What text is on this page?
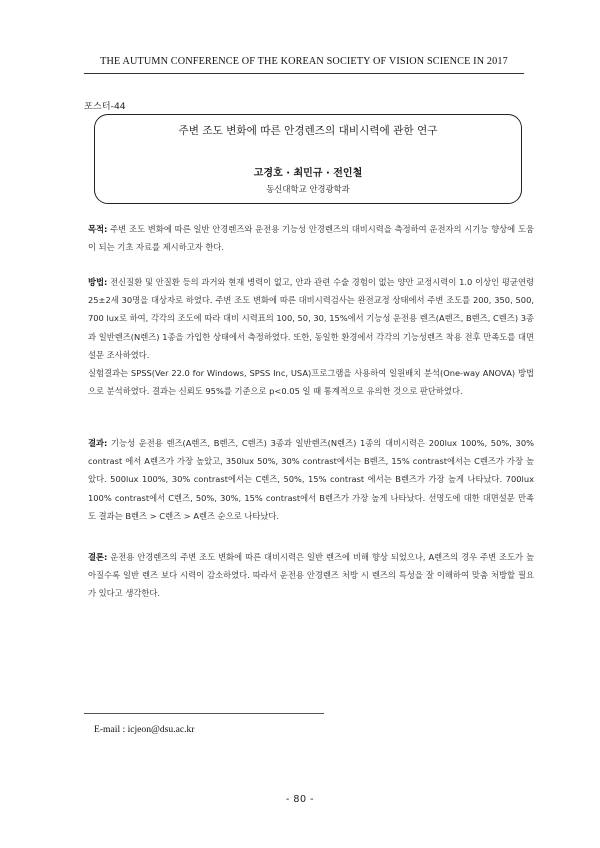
THE AUTUMN CONFERENCE OF THE KOREAN SOCIETY OF VISION SCIENCE IN 2017
포스터-44
주변 조도 변화에 따른 안경렌즈의 대비시력에 관한 연구
고경호 · 최민규 · 전인철
동신대학교 안경광학과

목적: 주변 조도 변화에 따른 일반 안경렌즈와 운전용 기능성 안경렌즈의 대비시력을 측정하여 운전자의 시기능 향상에 도움이 되는 기초 자료를 제시하고자 한다.

방법: 전신질환 및 안질환 등의 과거와 현재 병력이 없고, 안과 관련 수술 경험이 없는 양안 교정시력이 1.0 이상인 평균연령 25±2세 30명을 대상자로 하였다. 주변 조도 변화에 따른 대비시력검사는 완전교정 상태에서 주변 조도를 200, 350, 500, 700 lux로 하여, 각각의 조도에 따라 대비 시력표의 100, 50, 30, 15%에서 기능성 운전용 렌즈(A렌즈, B렌즈, C렌즈) 3종과 일반렌즈(N렌즈) 1종을 가입한 상태에서 측정하였다. 또한, 동일한 환경에서 각각의 기능성렌즈 착용 전후 만족도를 대면설문 조사하였다.
실험결과는 SPSS(Ver 22.0 for Windows, SPSS Inc, USA)프로그램을 사용하여 일원배치 분석(One-way ANOVA) 방법으로 분석하였다. 결과는 신뢰도 95%를 기준으로 p<0.05 일 때 통계적으로 유의한 것으로 판단하였다.

결과: 기능성 운전용 렌즈(A렌즈, B렌즈, C렌즈) 3종과 일반렌즈(N렌즈) 1종의 대비시력은 200lux 100%, 50%, 30% contrast 에서 A렌즈가 가장 높았고, 350lux 50%, 30% contrast에서는 B렌즈, 15% contrast에서는 C렌즈가 가장 높았다. 500lux 100%, 30% contrast에서는 C렌즈, 50%, 15% contrast 에서는 B렌즈가 가장 높게 나타났다. 700lux 100% contrast에서 C렌즈, 50%, 30%, 15% contrast에서 B렌즈가 가장 높게 나타났다. 선명도에 대한 대면설문 만족도 결과는 B렌즈 > C렌즈 > A렌즈 순으로 나타났다.

결론: 운전용 안경렌즈의 주변 조도 변화에 따른 대비시력은 일반 렌즈에 비해 향상 되었으나, A렌즈의 경우 주변 조도가 높아질수록 일반 렌즈 보다 시력이 감소하였다. 따라서 운전용 안경렌즈 처방 시 렌즈의 특성을 잘 이해하여 맞춤 처방할 필요가 있다고 생각한다.

E-mail : icjeon@dsu.ac.kr
- 80 -
